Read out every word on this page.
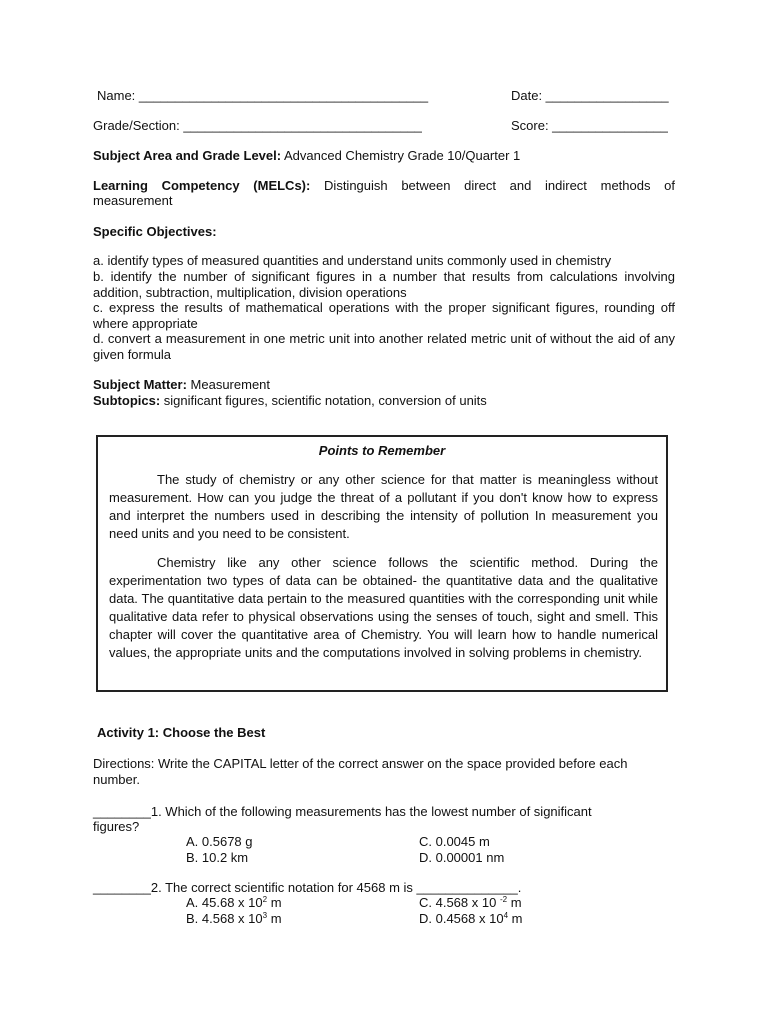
Name: ________________________________________	Date: _________________
Grade/Section: _________________________________	Score: ________________
Subject Area and Grade Level: Advanced Chemistry Grade 10/Quarter 1
Learning Competency (MELCs): Distinguish between direct and indirect methods of
measurement
Specific Objectives:
a. identify types of measured quantities and understand units commonly used in chemistry
b. identify the number of significant figures in a number that results from calculations involving addition, subtraction, multiplication, division operations
c. express the results of mathematical operations with the proper significant figures, rounding off where appropriate
d. convert a measurement in one metric unit into another related metric unit of without the aid of any given formula
Subject Matter: Measurement
Subtopics: significant figures, scientific notation, conversion of units
Points to Remember

The study of chemistry or any other science for that matter is meaningless without measurement. How can you judge the threat of a pollutant if you don't know how to express and interpret the numbers used in describing the intensity of pollution In measurement you need units and you need to be consistent.

Chemistry like any other science follows the scientific method. During the experimentation two types of data can be obtained- the quantitative data and the qualitative data. The quantitative data pertain to the measured quantities with the corresponding unit while qualitative data refer to physical observations using the senses of touch, sight and smell. This chapter will cover the quantitative area of Chemistry. You will learn how to handle numerical values, the appropriate units and the computations involved in solving problems in chemistry.

Activity 1: Choose the Best
Directions: Write the CAPITAL letter of the correct answer on the space provided before each number.
________1. Which of the following measurements has the lowest number of significant
figures?
A. 0.5678 g	C. 0.0045 m
B. 10.2 km	D. 0.00001 nm
________2. The correct scientific notation for 4568 m is ______________.
A. 45.68 x $10^2$ m	C. 4.568 x 10 $^{-2}$ m
B. 4.568 x $10^3$ m	D. 0.4568 x $10^4$ m
